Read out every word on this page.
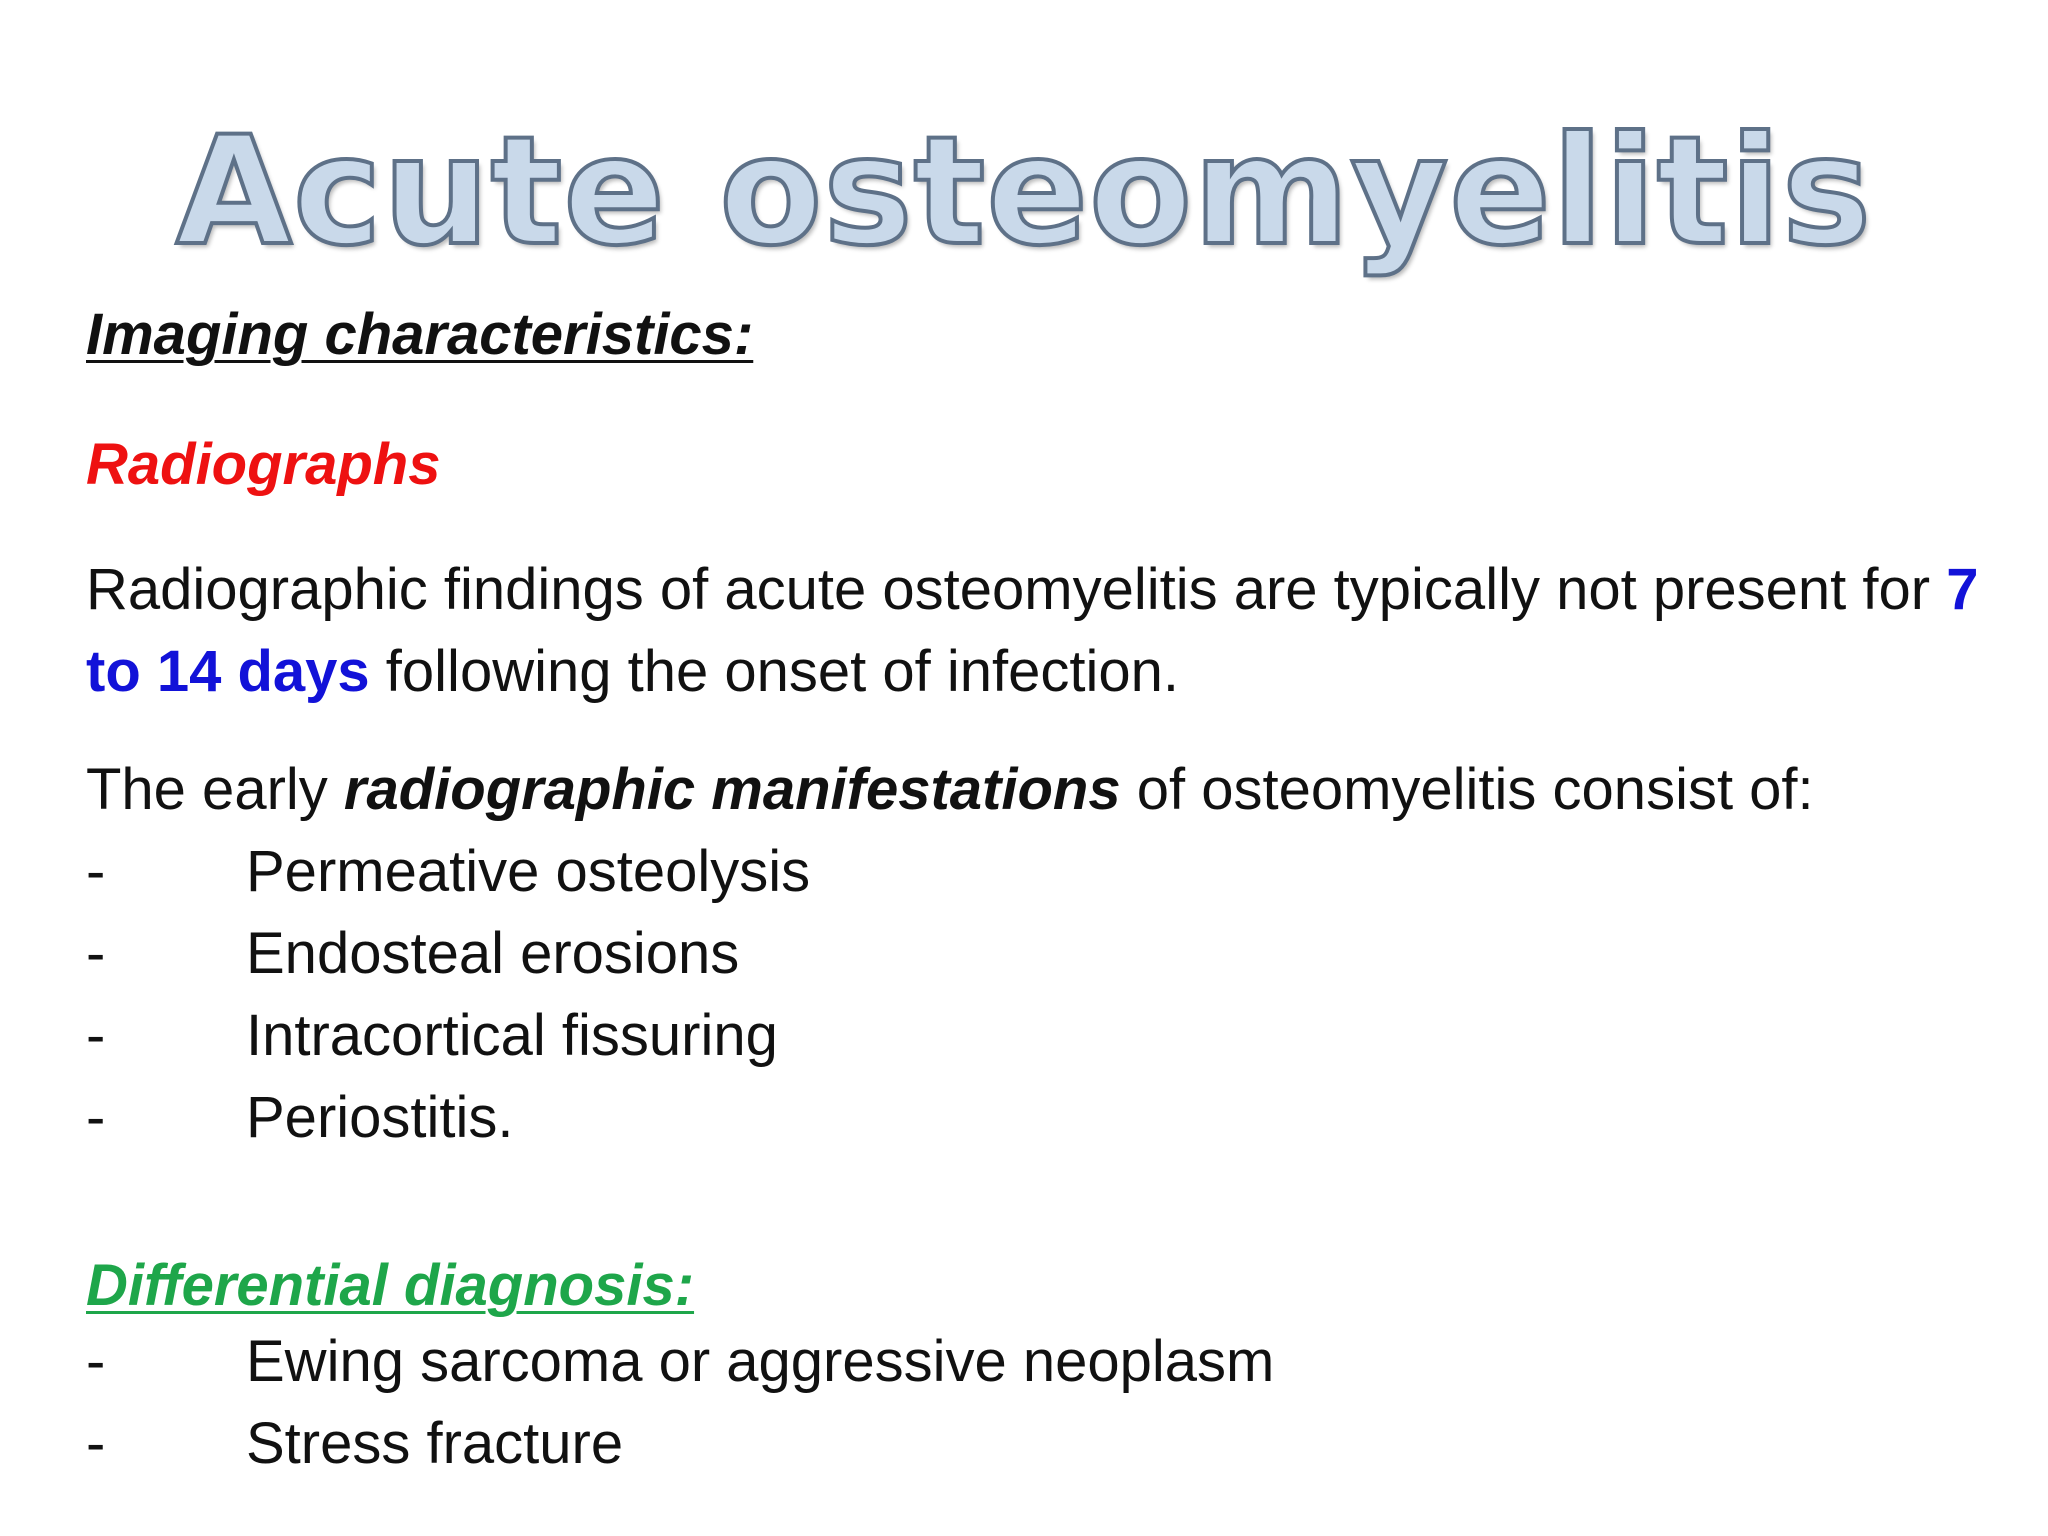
Acute osteomyelitis

Imaging characteristics:

Radiographs

Radiographic findings of acute osteomyelitis are typically not present for 7 to 14 days following the onset of infection.

The early radiographic manifestations of osteomyelitis consist of:

-	Permeative osteolysis
-	Endosteal erosions
-	Intracortical fissuring
-	Periostitis.

Differential diagnosis:

-	Ewing sarcoma or aggressive neoplasm
-	Stress fracture
